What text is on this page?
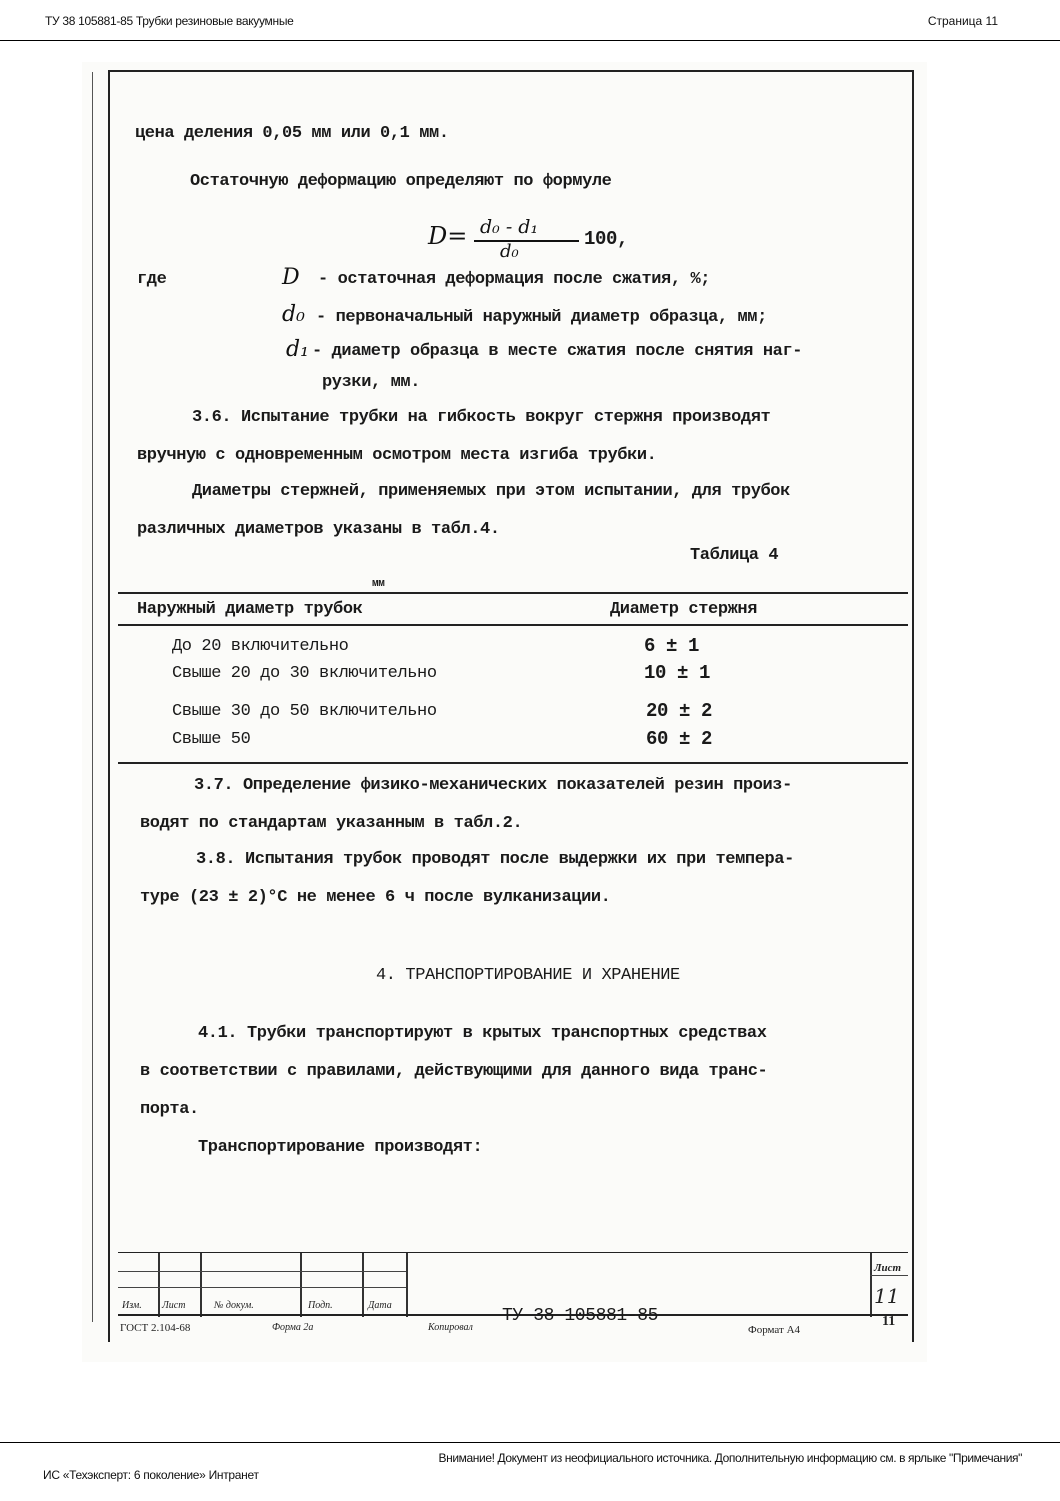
ТУ 38 105881-85 Трубки резиновые вакуумные	Страница 11
цена деления 0,05 мм или 0,1 мм.
Остаточную деформацию определяют по формуле
D= d₀ - d₁
d₀
100,
где	D - остаточная деформация после сжатия, %;
d₀ - первоначальный наружный диаметр образца, мм;
d₁ - диаметр образца в месте сжатия после снятия наг-
рузки, мм.
3.6. Испытание трубки на гибкость вокруг стержня производят
вручную с одновременным осмотром места изгиба трубки.
Диаметры стержней, применяемых при этом испытании, для трубок
различных диаметров указаны в табл.4.
Таблица 4
мм
Наружный диаметр трубок	Диаметр стержня
До 20 включительно	6 ± 1
Свыше 20 до 30 включительно	10 ± 1
Свыше 30 до 50 включительно	20 ± 2
Свыше 50	60 ± 2
3.7. Определение физико-механических показателей резин произ-
водят по стандартам указанным в табл.2.
3.8. Испытания трубок проводят после выдержки их при темпера-
туре (23 ± 2)°С не менее 6 ч после вулканизации.
4. ТРАНСПОРТИРОВАНИЕ И ХРАНЕНИЕ
4.1. Трубки транспортируют в крытых транспортных средствах
в соответствии с правилами, действующими для данного вида транс-
порта.
Транспортирование производят:
Изм. Лист	№ докум.	Подп.	Дата
Лист
11
11
ТУ 38 105881-85
ГОСТ 2.104-68	Форма 2а	Копировал	Формат А4
Внимание! Документ из неофициального источника. Дополнительную информацию см. в ярлыке "Примечания"
ИС «Техэксперт: 6 поколение» Интранет
